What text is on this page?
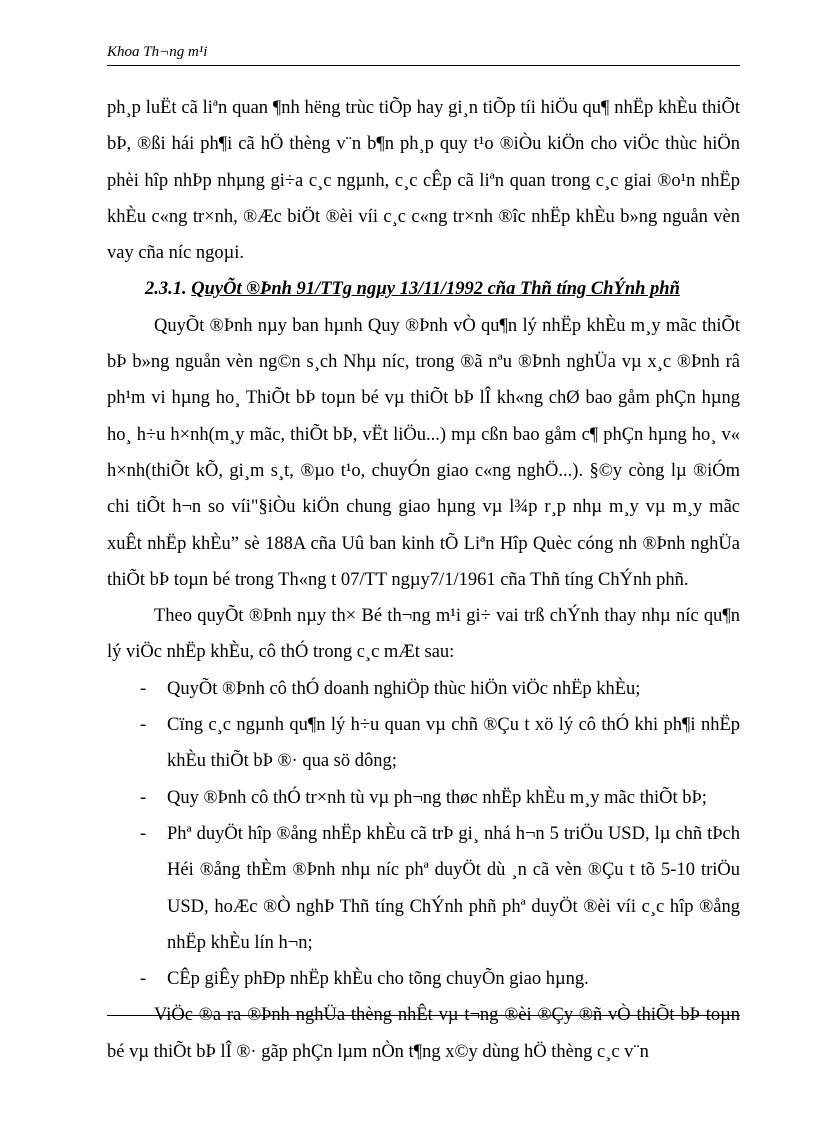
Khoa Th¬ng m¹i

ph¸p luËt cã liªn quan ¶nh hëng trùc tiÕp hay gi¸n tiÕp tíi hiÖu qu¶ nhËp khÈu thiÕt bÞ, ®ßi hái ph¶i cã hÖ thèng v¨n b¶n ph¸p quy t¹o ®iÒu kiÖn cho viÖc thùc hiÖn phèi hîp nhÞp nhµng gi÷a c¸c ngµnh, c¸c cÊp cã liªn quan trong c¸c giai ®o¹n nhËp khÈu c«ng tr×nh, ®Æc biÖt ®èi víi c¸c c«ng tr×nh ®îc nhËp khÈu b»ng nguån vèn vay cña níc ngoµi.

2.3.1. QuyÕt ®Þnh 91/TTg ngµy 13/11/1992 cña Thñ tíng ChÝnh phñ

QuyÕt ®Þnh nµy ban hµnh Quy ®Þnh vÒ qu¶n lý nhËp khÈu m¸y mãc thiÕt bÞ b»ng nguån vèn ng©n s¸ch Nhµ níc, trong ®ã nªu ®Þnh nghÜa vµ x¸c ®Þnh râ ph¹m vi hµng ho¸ ThiÕt bÞ toµn bé vµ thiÕt bÞ lÎ kh«ng chØ bao gåm phÇn hµng ho¸ h÷u h×nh(m¸y mãc, thiÕt bÞ, vËt liÖu...) mµ cßn bao gåm c¶ phÇn hµng ho¸ v« h×nh(thiÕt kÕ, gi¸m s¸t, ®µo t¹o, chuyÓn giao c«ng nghÖ...). §©y còng lµ ®iÓm chi tiÕt h¬n so víi"§iÒu kiÖn chung giao hµng vµ l¾p r¸p nhµ m¸y vµ m¸y mãc xuÊt nhËp khÈu” sè 188A cña Uû ban kinh tÕ Liªn Hîp Quèc cóng nh ®Þnh nghÜa thiÕt bÞ toµn bé trong Th«ng t 07/TT ngµy7/1/1961 cña Thñ tíng ChÝnh phñ.

Theo quyÕt ®Þnh nµy th× Bé th¬ng m¹i gi÷ vai trß chÝnh thay nhµ níc qu¶n lý viÖc nhËp khÈu, cô thÓ trong c¸c mÆt sau:

- QuyÕt ®Þnh cô thÓ doanh nghiÖp thùc hiÖn viÖc nhËp khÈu;
- Cïng c¸c ngµnh qu¶n lý h÷u quan vµ chñ ®Çu t xö lý cô thÓ khi ph¶i nhËp khÈu thiÕt bÞ ®· qua sö dông;
- Quy ®Þnh cô thÓ tr×nh tù vµ ph¬ng thøc nhËp khÈu m¸y mãc thiÕt bÞ;
- Phª duyÖt hîp ®ång nhËp khÈu cã trÞ gi¸ nhá h¬n 5 triÖu USD, lµ chñ tÞch Héi ®ång thÈm ®Þnh nhµ níc phª duyÖt dù ¸n cã vèn ®Çu t tõ 5-10 triÖu USD, hoÆc ®Ò nghÞ Thñ tíng ChÝnh phñ phª duyÖt ®èi víi c¸c hîp ®ång nhËp khÈu lín h¬n;
- CÊp giÊy phÐp nhËp khÈu cho tõng chuyÕn giao hµng.

ViÖc ®a ra ®Þnh nghÜa thèng nhÊt vµ t¬ng ®èi ®Çy ®ñ vÒ thiÕt bÞ toµn bé vµ thiÕt bÞ lÎ ®· gãp phÇn lµm nÒn t¶ng x©y dùng hÖ thèng c¸c v¨n
